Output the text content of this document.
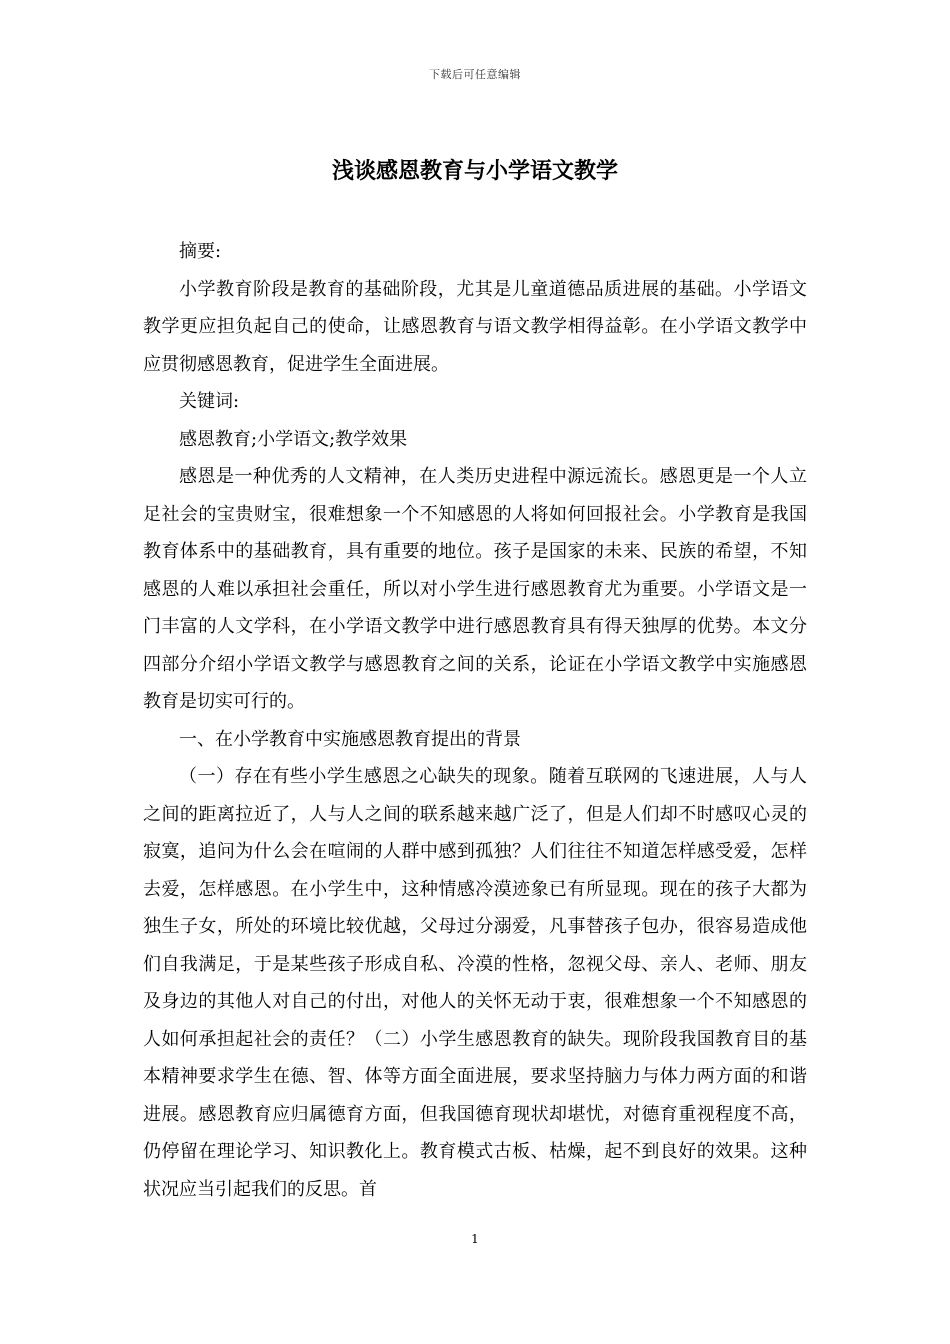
下载后可任意编辑
浅谈感恩教育与小学语文教学

摘要:

小学教育阶段是教育的基础阶段，尤其是儿童道德品质进展的基础。小学语文教学更应担负起自己的使命，让感恩教育与语文教学相得益彰。在小学语文教学中应贯彻感恩教育，促进学生全面进展。

关键词:

感恩教育;小学语文;教学效果

感恩是一种优秀的人文精神，在人类历史进程中源远流长。感恩更是一个人立足社会的宝贵财宝，很难想象一个不知感恩的人将如何回报社会。小学教育是我国教育体系中的基础教育，具有重要的地位。孩子是国家的未来、民族的希望，不知感恩的人难以承担社会重任，所以对小学生进行感恩教育尤为重要。小学语文是一门丰富的人文学科，在小学语文教学中进行感恩教育具有得天独厚的优势。本文分四部分介绍小学语文教学与感恩教育之间的关系，论证在小学语文教学中实施感恩教育是切实可行的。

一、在小学教育中实施感恩教育提出的背景

（一）存在有些小学生感恩之心缺失的现象。随着互联网的飞速进展，人与人之间的距离拉近了，人与人之间的联系越来越广泛了，但是人们却不时感叹心灵的寂寞，追问为什么会在喧闹的人群中感到孤独？人们往往不知道怎样感受爱，怎样去爱，怎样感恩。在小学生中，这种情感冷漠迹象已有所显现。现在的孩子大都为独生子女，所处的环境比较优越，父母过分溺爱，凡事替孩子包办，很容易造成他们自我满足，于是某些孩子形成自私、冷漠的性格，忽视父母、亲人、老师、朋友及身边的其他人对自己的付出，对他人的关怀无动于衷，很难想象一个不知感恩的人如何承担起社会的责任？（二）小学生感恩教育的缺失。现阶段我国教育目的基本精神要求学生在德、智、体等方面全面进展，要求坚持脑力与体力两方面的和谐进展。感恩教育应归属德育方面，但我国德育现状却堪忧，对德育重视程度不高，仍停留在理论学习、知识教化上。教育模式古板、枯燥，起不到良好的效果。这种状况应当引起我们的反思。首

1
